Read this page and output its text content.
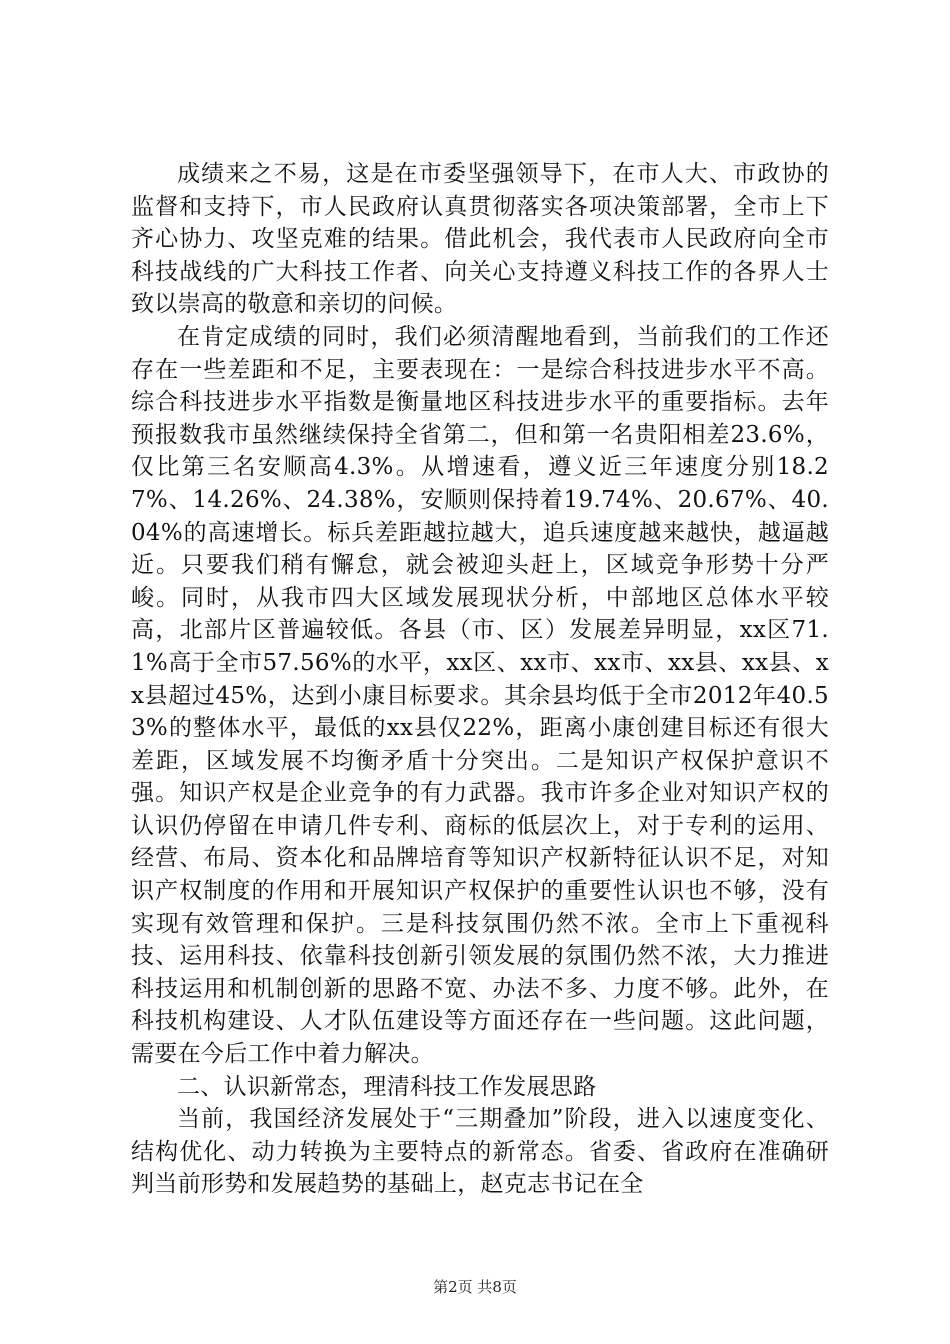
成绩来之不易，这是在市委坚强领导下，在市人大、市政协的监督和支持下，市人民政府认真贯彻落实各项决策部署，全市上下齐心协力、攻坚克难的结果。借此机会，我代表市人民政府向全市科技战线的广大科技工作者、向关心支持遵义科技工作的各界人士致以崇高的敬意和亲切的问候。

在肯定成绩的同时，我们必须清醒地看到，当前我们的工作还存在一些差距和不足，主要表现在：一是综合科技进步水平不高。综合科技进步水平指数是衡量地区科技进步水平的重要指标。去年预报数我市虽然继续保持全省第二，但和第一名贵阳相差23.6%，仅比第三名安顺高4.3%。从增速看，遵义近三年速度分别18.27%、14.26%、24.38%，安顺则保持着19.74%、20.67%、40.04%的高速增长。标兵差距越拉越大，追兵速度越来越快，越逼越近。只要我们稍有懈怠，就会被迎头赶上，区域竞争形势十分严峻。同时，从我市四大区域发展现状分析，中部地区总体水平较高，北部片区普遍较低。各县（市、区）发展差异明显，xx区71.1%高于全市57.56%的水平，xx区、xx市、xx市、xx县、xx县、xx县超过45%，达到小康目标要求。其余县均低于全市2012年40.53%的整体水平，最低的xx县仅22%，距离小康创建目标还有很大差距，区域发展不均衡矛盾十分突出。二是知识产权保护意识不强。知识产权是企业竞争的有力武器。我市许多企业对知识产权的认识仍停留在申请几件专利、商标的低层次上，对于专利的运用、经营、布局、资本化和品牌培育等知识产权新特征认识不足，对知识产权制度的作用和开展知识产权保护的重要性认识也不够，没有实现有效管理和保护。三是科技氛围仍然不浓。全市上下重视科技、运用科技、依靠科技创新引领发展的氛围仍然不浓，大力推进科技运用和机制创新的思路不宽、办法不多、力度不够。此外，在科技机构建设、人才队伍建设等方面还存在一些问题。这此问题，需要在今后工作中着力解决。

二、认识新常态，理清科技工作发展思路

当前，我国经济发展处于“三期叠加”阶段，进入以速度变化、结构优化、动力转换为主要特点的新常态。省委、省政府在准确研判当前形势和发展趋势的基础上，赵克志书记在全

第2页 共8页
